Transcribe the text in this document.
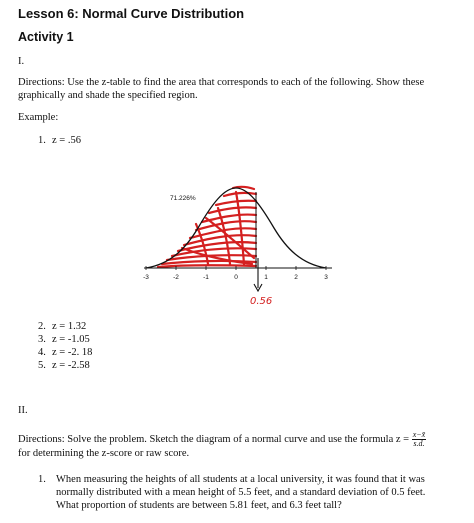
Lesson 6: Normal Curve Distribution
Activity 1
I.
Directions: Use the z-table to find the area that corresponds to each of the following. Show these
graphically and shade the specified region.
Example:
1. z = .56
-3	-2	-1	0	1	2	3
71.226%
0.56
2. z = 1.32
3. z = -1.05
4. z = -2. 18
5. z = -2.58
II.
Directions: Solve the problem. Sketch the diagram of a normal curve and use the formula $z = \frac{x-x̄}{s.d.}$
for determining the z-score or raw score.
1. When measuring the heights of all students at a local university, it was found that it was
normally distributed with a mean height of 5.5 feet, and a standard deviation of 0.5 feet.
What proportion of students are between 5.81 feet, and 6.3 feet tall?
